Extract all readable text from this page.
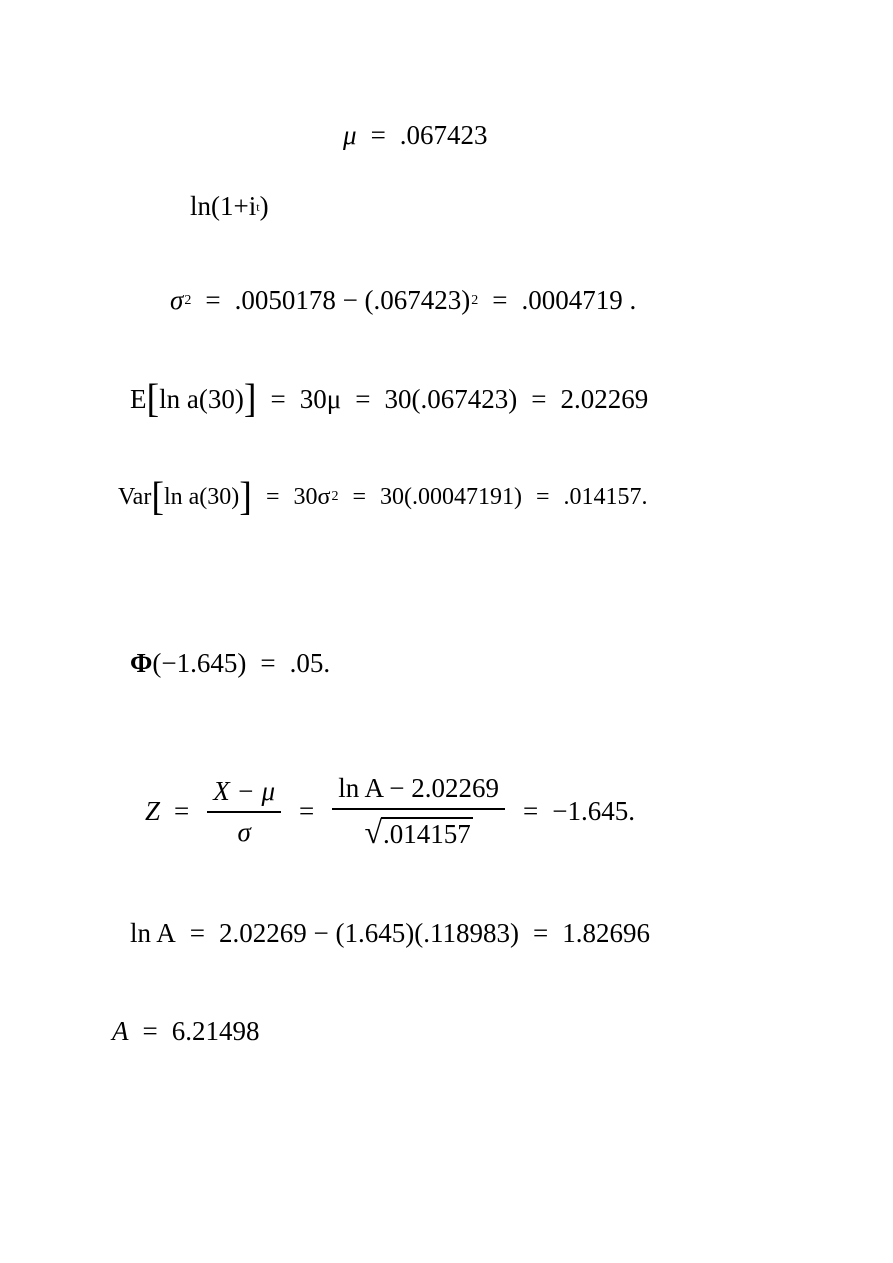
μ = .067423
ln(1+i t )
σ 2 = .0050178 − (.067423) 2 = .0004719 .
E [ ln a(30) ] = 30μ = 30(.067423) = 2.02269
Var [ ln a(30) ] = 30σ 2 = 30(.00047191) = .014157.
Φ (−1.645) = .05.
$Z = \frac{X - \mu}{\sigma} = \frac{\text{ln A − 2.02269}}{√ .014157} = -1.645$.
ln A = 2.02269 − (1.645)(.118983) = 1.82696
A = 6.21498
